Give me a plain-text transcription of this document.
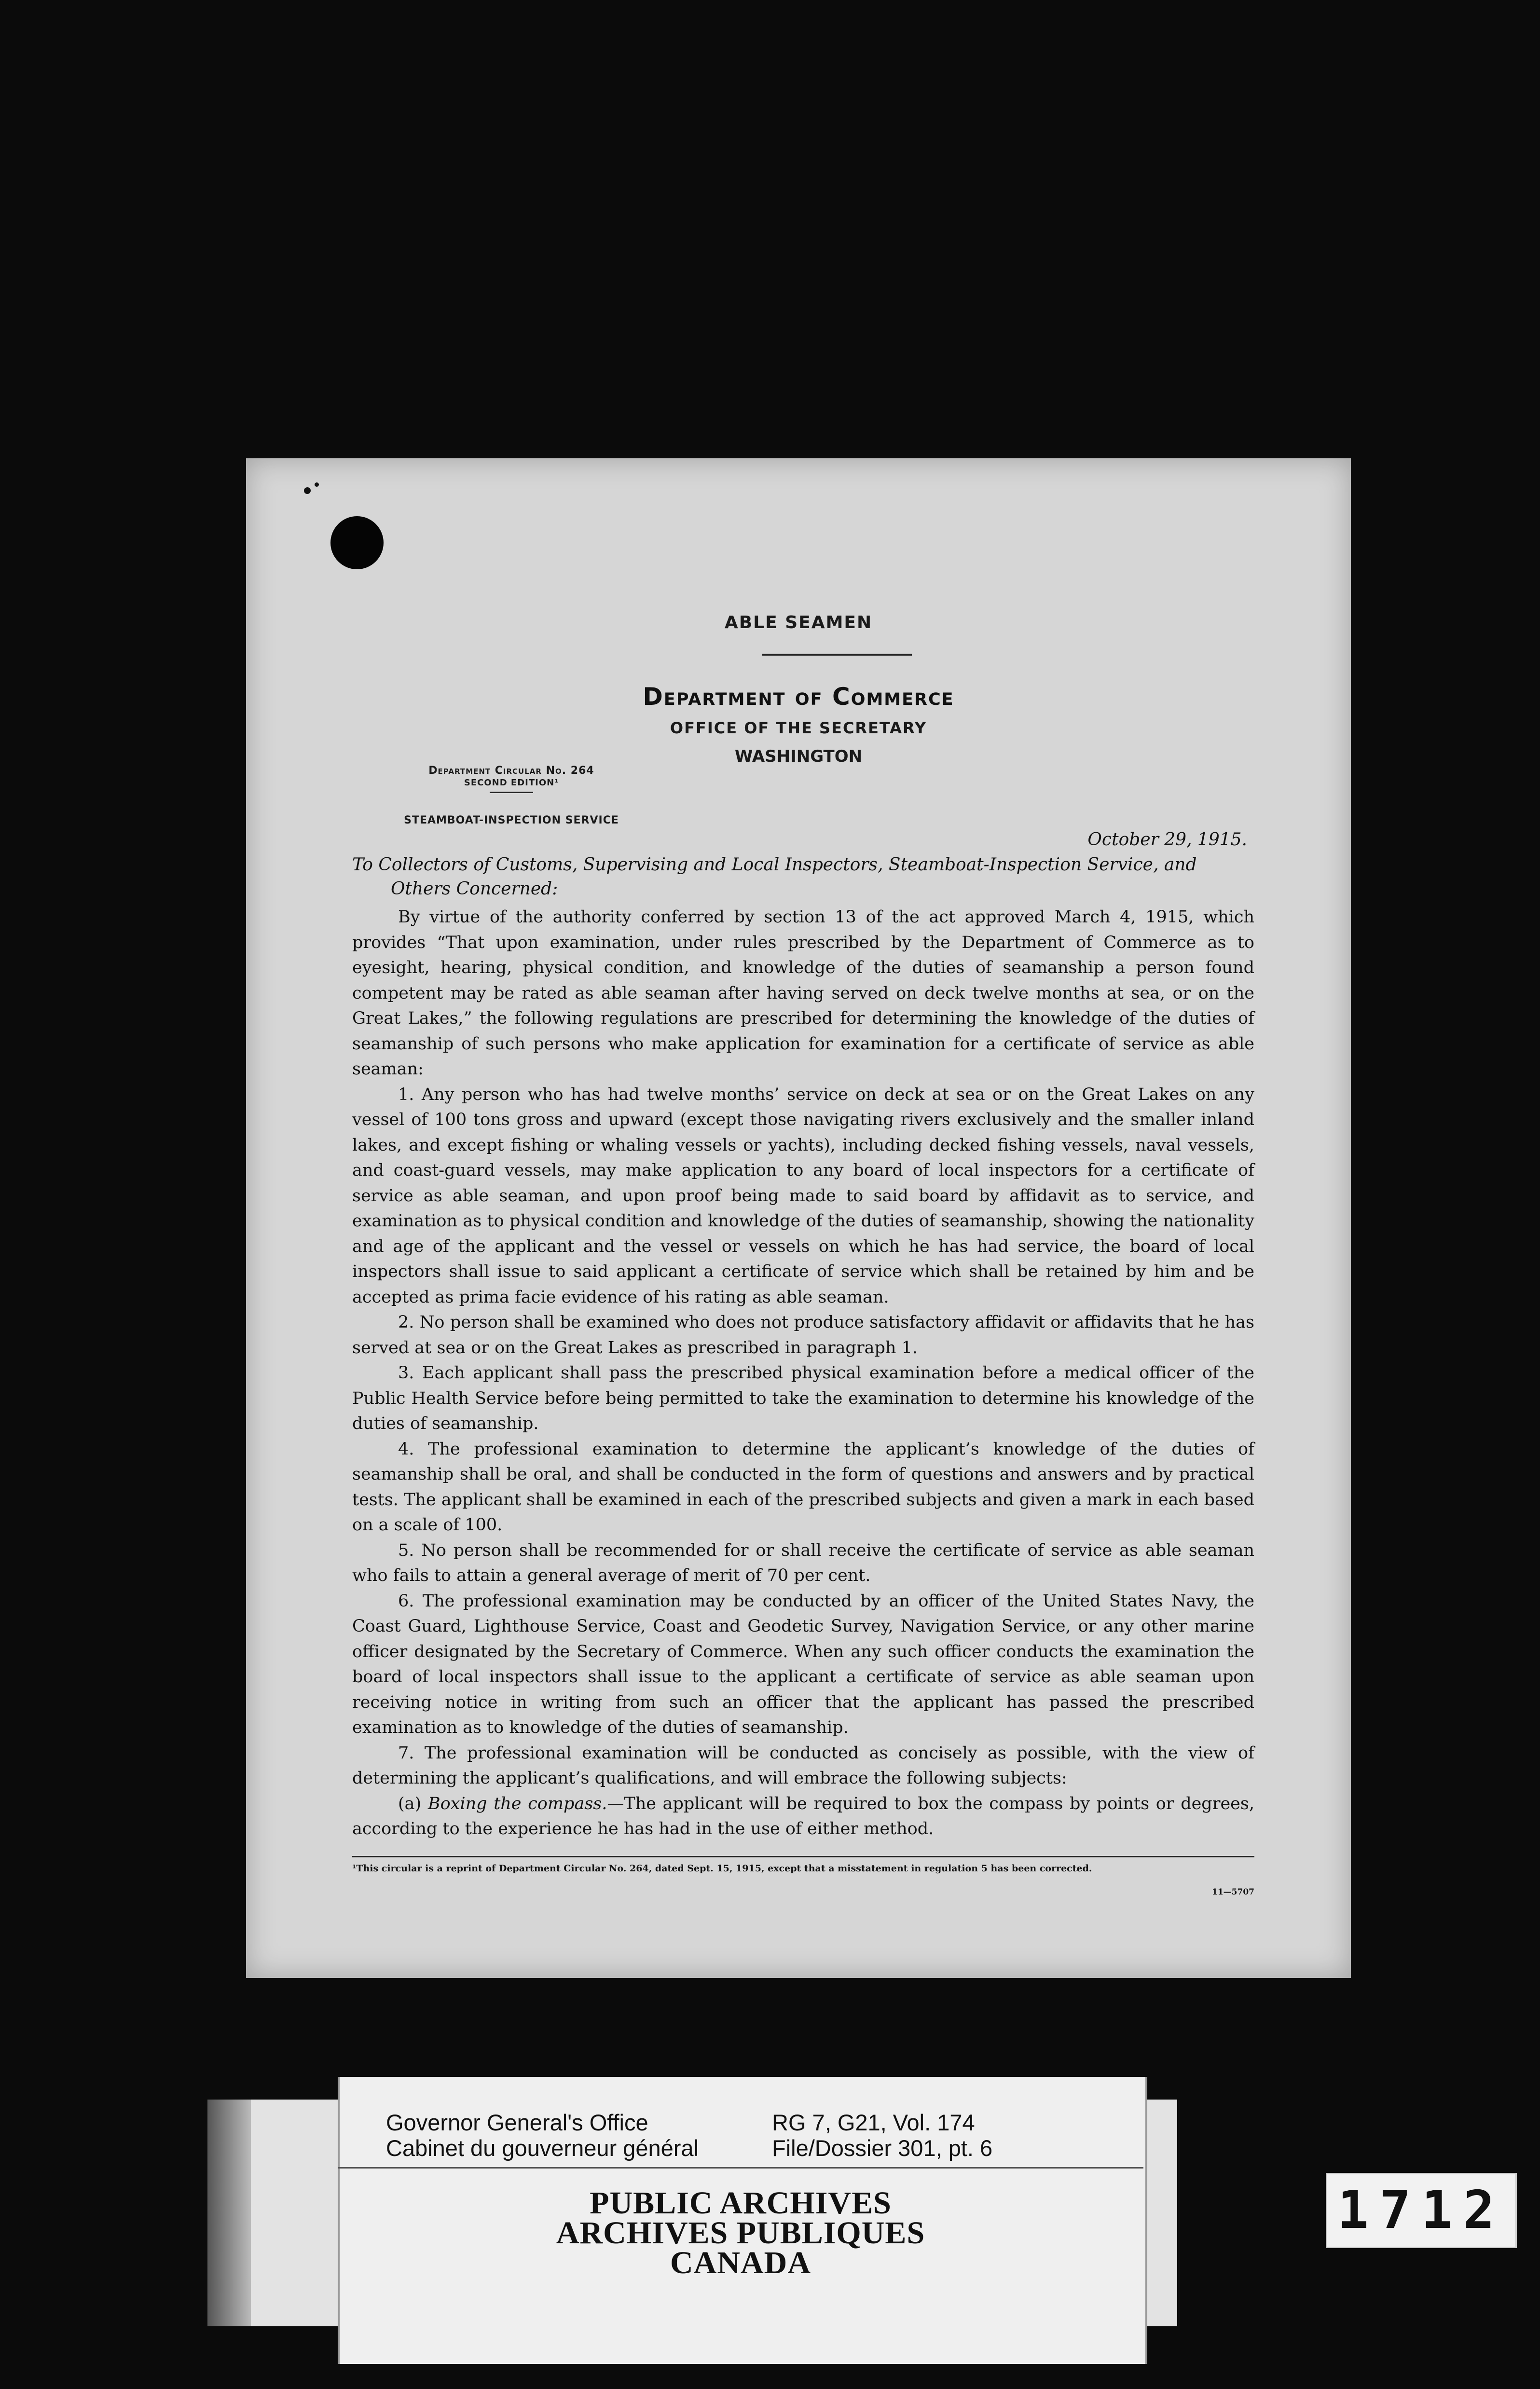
ABLE SEAMEN
Department of Commerce
OFFICE OF THE SECRETARY
WASHINGTON
Department Circular No. 264
SECOND EDITION¹
STEAMBOAT-INSPECTION SERVICE
October 29, 1915.
To Collectors of Customs, Supervising and Local Inspectors, Steamboat-Inspection Service, and Others Concerned:

By virtue of the authority conferred by section 13 of the act approved March 4, 1915, which provides “That upon examination, under rules prescribed by the Department of Commerce as to eyesight, hearing, physical condition, and knowledge of the duties of seamanship a person found competent may be rated as able seaman after having served on deck twelve months at sea, or on the Great Lakes,” the following regulations are prescribed for determining the knowledge of the duties of seamanship of such persons who make application for examination for a certificate of service as able seaman:

1. Any person who has had twelve months’ service on deck at sea or on the Great Lakes on any vessel of 100 tons gross and upward (except those navigating rivers exclusively and the smaller inland lakes, and except fishing or whaling vessels or yachts), including decked fishing vessels, naval vessels, and coast-guard vessels, may make application to any board of local inspectors for a certificate of service as able seaman, and upon proof being made to said board by affidavit as to service, and examination as to physical condition and knowledge of the duties of seamanship, showing the nationality and age of the applicant and the vessel or vessels on which he has had service, the board of local inspectors shall issue to said applicant a certificate of service which shall be retained by him and be accepted as prima facie evidence of his rating as able seaman.

2. No person shall be examined who does not produce satisfactory affidavit or affidavits that he has served at sea or on the Great Lakes as prescribed in paragraph 1.

3. Each applicant shall pass the prescribed physical examination before a medical officer of the Public Health Service before being permitted to take the examination to determine his knowledge of the duties of seamanship.

4. The professional examination to determine the applicant’s knowledge of the duties of seamanship shall be oral, and shall be conducted in the form of questions and answers and by practical tests. The applicant shall be examined in each of the prescribed subjects and given a mark in each based on a scale of 100.

5. No person shall be recommended for or shall receive the certificate of service as able seaman who fails to attain a general average of merit of 70 per cent.

6. The professional examination may be conducted by an officer of the United States Navy, the Coast Guard, Lighthouse Service, Coast and Geodetic Survey, Navigation Service, or any other marine officer designated by the Secretary of Commerce. When any such officer conducts the examination the board of local inspectors shall issue to the applicant a certificate of service as able seaman upon receiving notice in writing from such an officer that the applicant has passed the prescribed examination as to knowledge of the duties of seamanship.

7. The professional examination will be conducted as concisely as possible, with the view of determining the applicant’s qualifications, and will embrace the following subjects:

(a) Boxing the compass.—The applicant will be required to box the compass by points or degrees, according to the experience he has had in the use of either method.

¹This circular is a reprint of Department Circular No. 264, dated Sept. 15, 1915, except that a misstatement in regulation 5 has been corrected.
11—5707
Governor General's Office
Cabinet du gouverneur général
RG 7, G21, Vol. 174
File/Dossier 301, pt. 6
PUBLIC ARCHIVES
ARCHIVES PUBLIQUES
CANADA
1712
